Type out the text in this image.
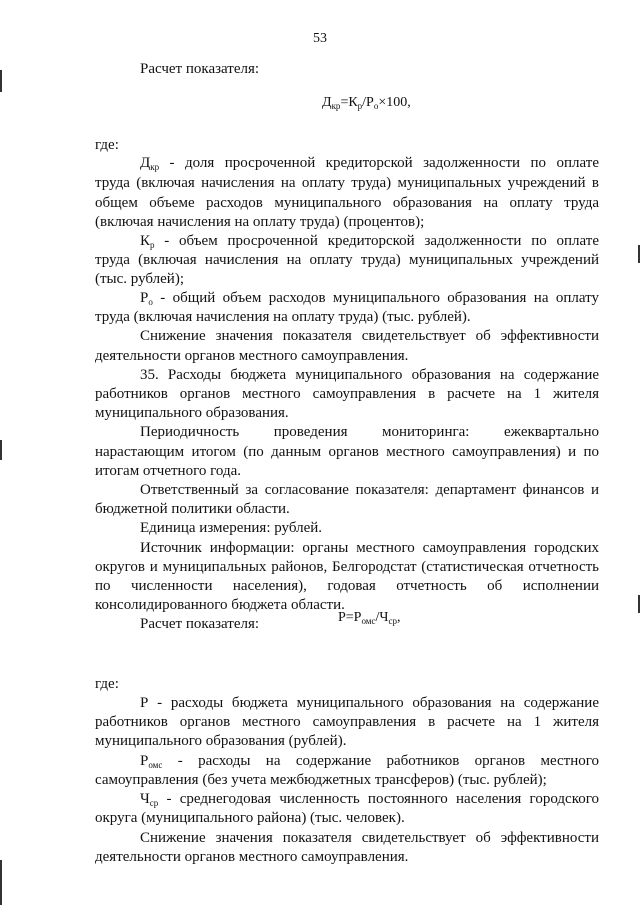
53
$Д_{кр}=К_р/Р_о\times 100$,
$Р=Р_{омс}/Ч_{ср}$,
Расчет показателя:
где:
$Д_{кр}$ - доля просроченной кредиторской задолженности по оплате
труда (включая начисления на оплату труда) муниципальных учреждений в
общем объеме расходов муниципального образования на оплату труда
(включая начисления на оплату труда) (процентов);
$К_р$ - объем просроченной кредиторской задолженности по оплате
труда (включая начисления на оплату труда) муниципальных учреждений
(тыс. рублей);
$Р_о$ - общий объем расходов муниципального образования на оплату
труда (включая начисления на оплату труда) (тыс. рублей).
Снижение значения показателя свидетельствует об эффективности
деятельности органов местного самоуправления.
35. Расходы бюджета муниципального образования на содержание
работников органов местного самоуправления в расчете на 1 жителя
муниципального образования.
Периодичность проведения мониторинга: ежеквартально
нарастающим итогом (по данным органов местного самоуправления) и по
итогам отчетного года.
Ответственный за согласование показателя: департамент финансов и
бюджетной политики области.
Единица измерения: рублей.
Источник информации: органы местного самоуправления городских
округов и муниципальных районов, Белгородстат (статистическая отчетность
по численности населения), годовая отчетность об исполнении
консолидированного бюджета области.
Расчет показателя:
где:
Р - расходы бюджета муниципального образования на содержание
работников органов местного самоуправления в расчете на 1 жителя
муниципального образования (рублей).
$Р_{омс}$ - расходы на содержание работников органов местного
самоуправления (без учета межбюджетных трансферов) (тыс. рублей);
$Ч_{ср}$ - среднегодовая численность постоянного населения городского
округа (муниципального района) (тыс. человек).
Снижение значения показателя свидетельствует об эффективности
деятельности органов местного самоуправления.
